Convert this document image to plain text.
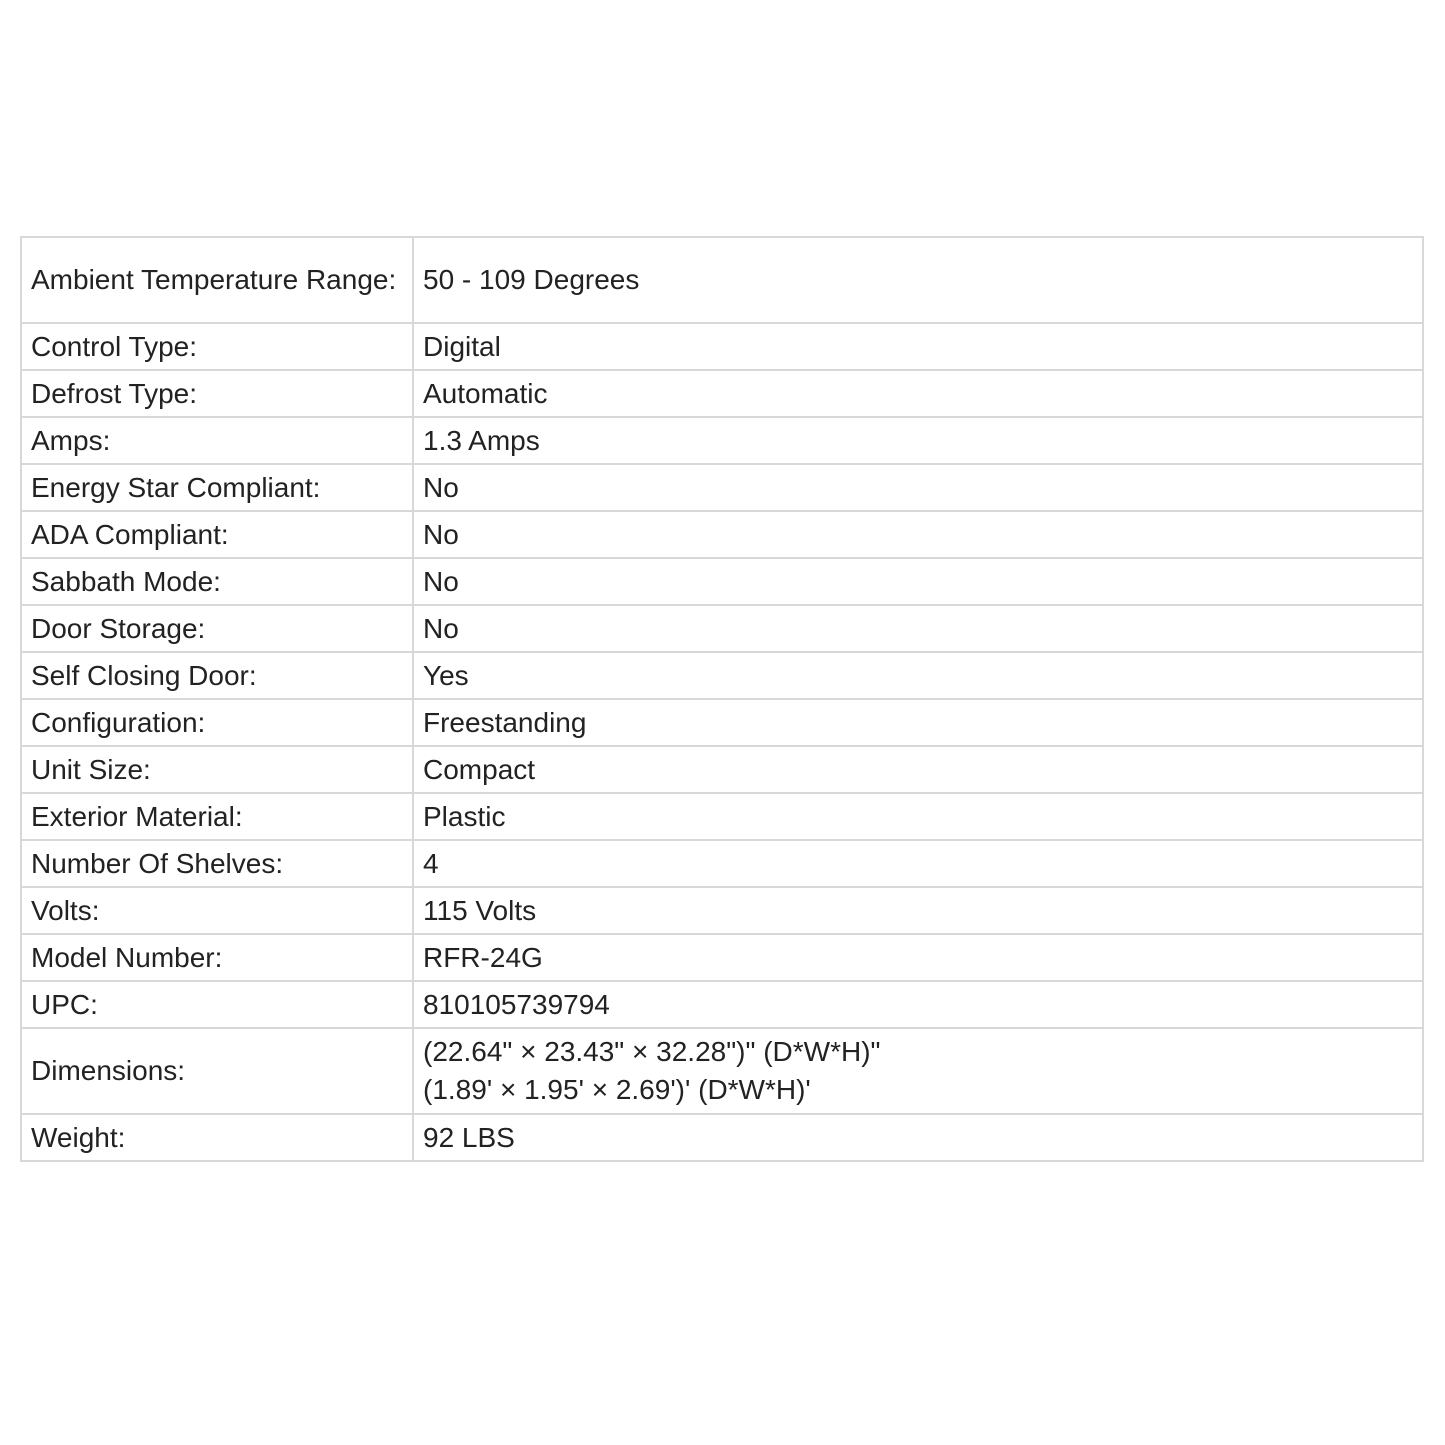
Ambient Temperature Range:	50 - 109 Degrees

Control Type:	Digital

Defrost Type:	Automatic

Amps:	1.3 Amps

Energy Star Compliant:	No

ADA Compliant:	No

Sabbath Mode:	No

Door Storage:	No

Self Closing Door:	Yes

Configuration:	Freestanding

Unit Size:	Compact

Exterior Material:	Plastic

Number Of Shelves:	4

Volts:	115 Volts

Model Number:	RFR-24G

UPC:	810105739794

Dimensions:	(22.64" × 23.43" × 32.28")" (D*W*H)"
(1.89' × 1.95' × 2.69')' (D*W*H)'

Weight:	92 LBS
